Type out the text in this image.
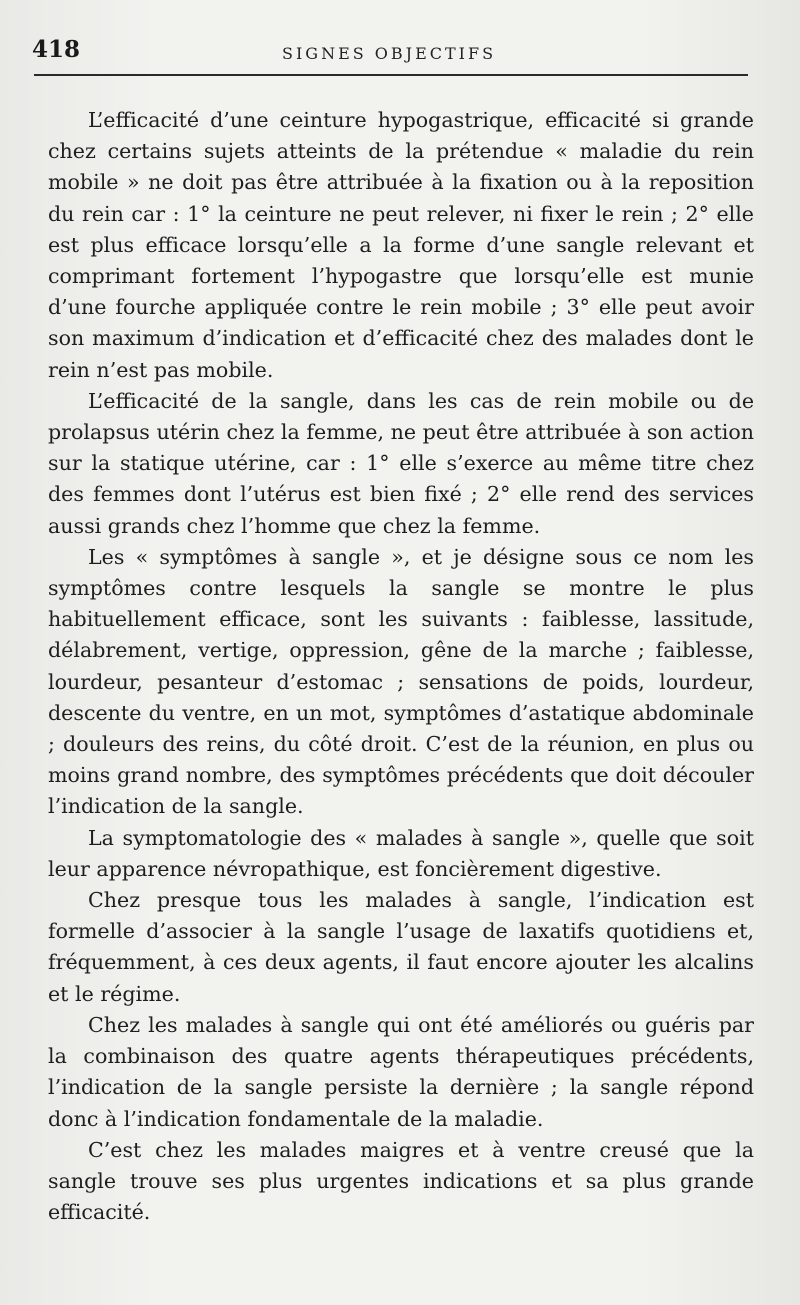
418	SIGNES OBJECTIFS

L’efficacité d’une ceinture hypogastrique, efficacité si grande chez certains sujets atteints de la prétendue « maladie du rein mobile » ne doit pas être attribuée à la fixation ou à la reposition du rein car : 1° la ceinture ne peut relever, ni fixer le rein ; 2° elle est plus efficace lorsqu’elle a la forme d’une sangle relevant et comprimant fortement l’hypogastre que lorsqu’elle est munie d’une fourche appliquée contre le rein mobile ; 3° elle peut avoir son maximum d’indication et d’efficacité chez des malades dont le rein n’est pas mobile.

L’efficacité de la sangle, dans les cas de rein mobile ou de prolapsus utérin chez la femme, ne peut être attribuée à son action sur la statique utérine, car : 1° elle s’exerce au même titre chez des femmes dont l’utérus est bien fixé ; 2° elle rend des services aussi grands chez l’homme que chez la femme.

Les « symptômes à sangle », et je désigne sous ce nom les symptômes contre lesquels la sangle se montre le plus habituellement efficace, sont les suivants : faiblesse, lassitude, délabrement, vertige, oppression, gêne de la marche ; faiblesse, lourdeur, pesanteur d’estomac ; sensations de poids, lourdeur, descente du ventre, en un mot, symptômes d’astatique abdominale ; douleurs des reins, du côté droit. C’est de la réunion, en plus ou moins grand nombre, des symptômes précédents que doit découler l’indication de la sangle.

La symptomatologie des « malades à sangle », quelle que soit leur apparence névropathique, est foncièrement digestive.

Chez presque tous les malades à sangle, l’indication est formelle d’associer à la sangle l’usage de laxatifs quotidiens et, fréquemment, à ces deux agents, il faut encore ajouter les alcalins et le régime.

Chez les malades à sangle qui ont été améliorés ou guéris par la combinaison des quatre agents thérapeutiques précédents, l’indication de la sangle persiste la dernière ; la sangle répond donc à l’indication fondamentale de la maladie.

C’est chez les malades maigres et à ventre creusé que la sangle trouve ses plus urgentes indications et sa plus grande efficacité.
